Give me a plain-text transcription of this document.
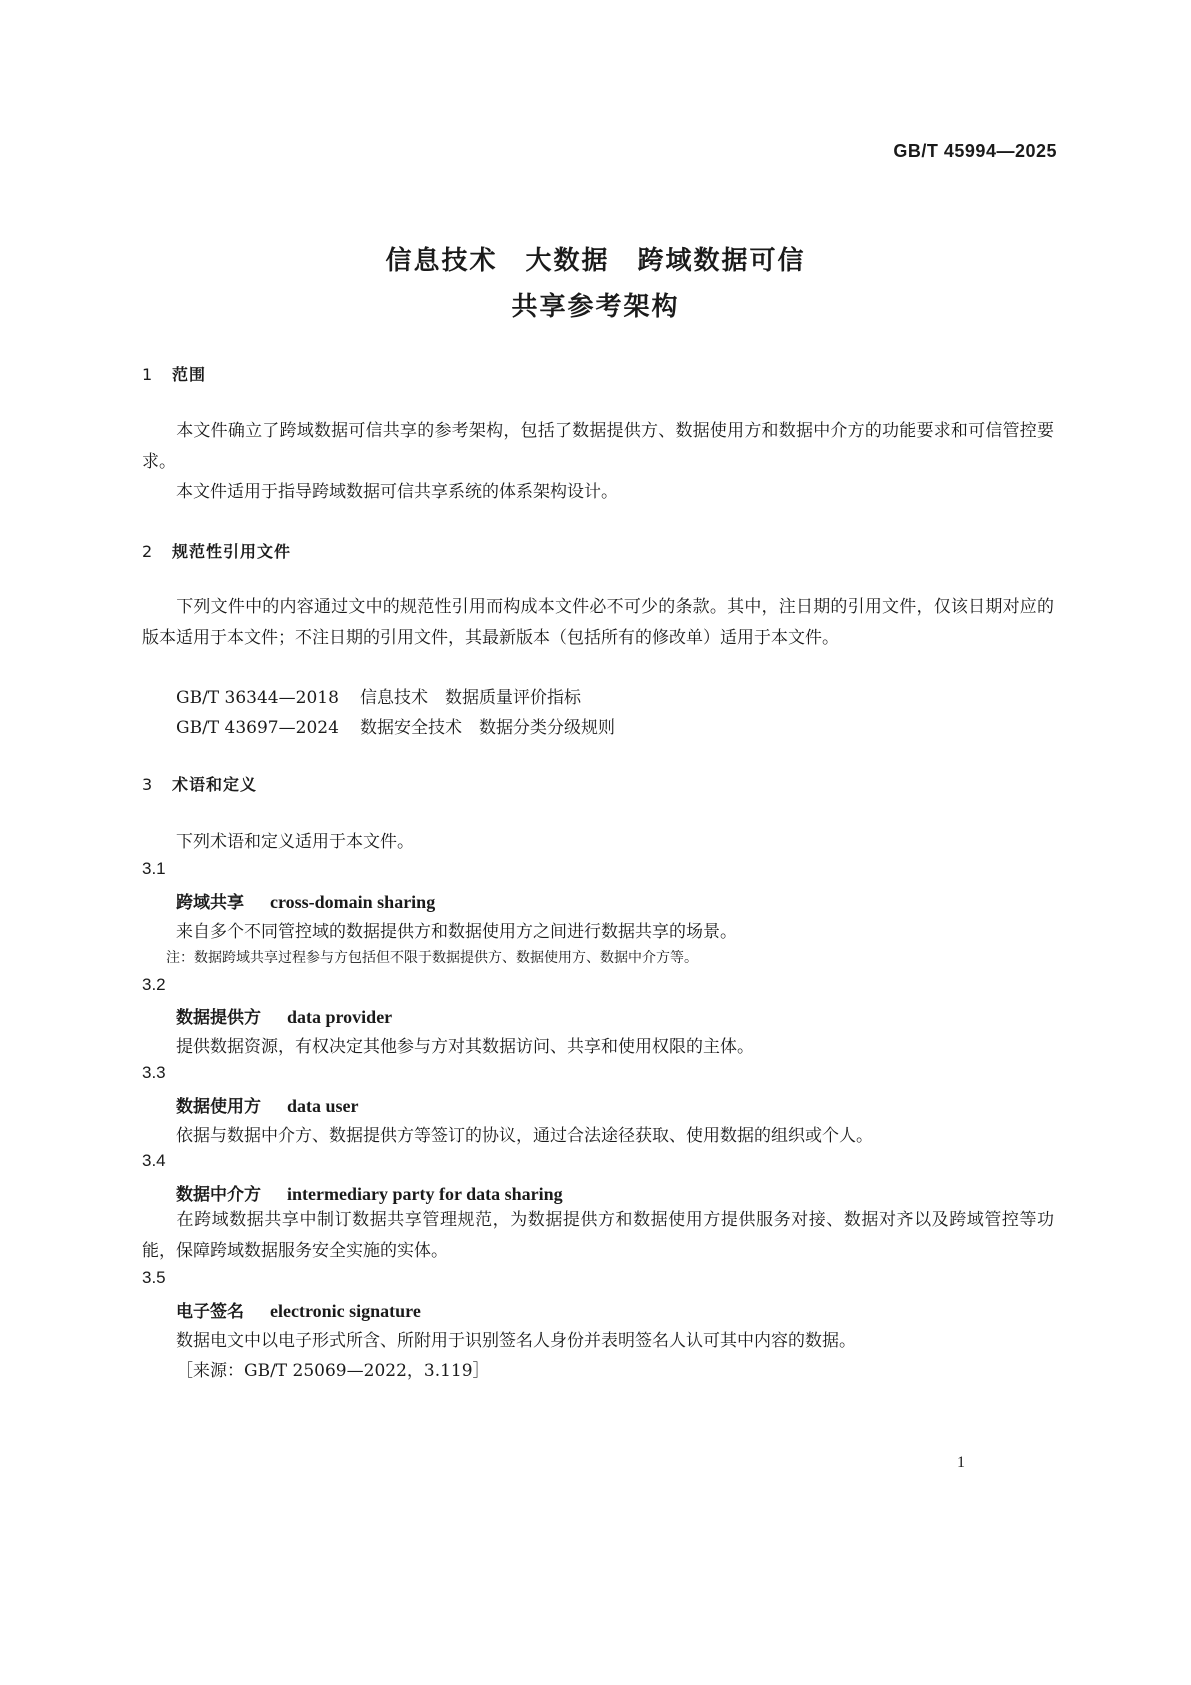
GB/T 45994—2025
信息技术　大数据　跨域数据可信
共享参考架构
1 范围
本文件确立了跨域数据可信共享的参考架构，包括了数据提供方、数据使用方和数据中介方的功能要求和可信管控要求。
本文件适用于指导跨域数据可信共享系统的体系架构设计。
2 规范性引用文件
下列文件中的内容通过文中的规范性引用而构成本文件必不可少的条款。其中，注日期的引用文件，仅该日期对应的版本适用于本文件；不注日期的引用文件，其最新版本（包括所有的修改单）适用于本文件。
GB/T 36344—2018 信息技术　数据质量评价指标
GB/T 43697—2024 数据安全技术　数据分类分级规则
3 术语和定义
下列术语和定义适用于本文件。
3.1
跨域共享 cross-domain sharing
来自多个不同管控域的数据提供方和数据使用方之间进行数据共享的场景。
注：数据跨域共享过程参与方包括但不限于数据提供方、数据使用方、数据中介方等。
3.2
数据提供方 data provider
提供数据资源，有权决定其他参与方对其数据访问、共享和使用权限的主体。
3.3
数据使用方 data user
依据与数据中介方、数据提供方等签订的协议，通过合法途径获取、使用数据的组织或个人。
3.4
数据中介方 intermediary party for data sharing
在跨域数据共享中制订数据共享管理规范，为数据提供方和数据使用方提供服务对接、数据对齐以及跨域管控等功能，保障跨域数据服务安全实施的实体。
3.5
电子签名 electronic signature
数据电文中以电子形式所含、所附用于识别签名人身份并表明签名人认可其中内容的数据。
［来源：GB/T 25069—2022，3.119］
1
